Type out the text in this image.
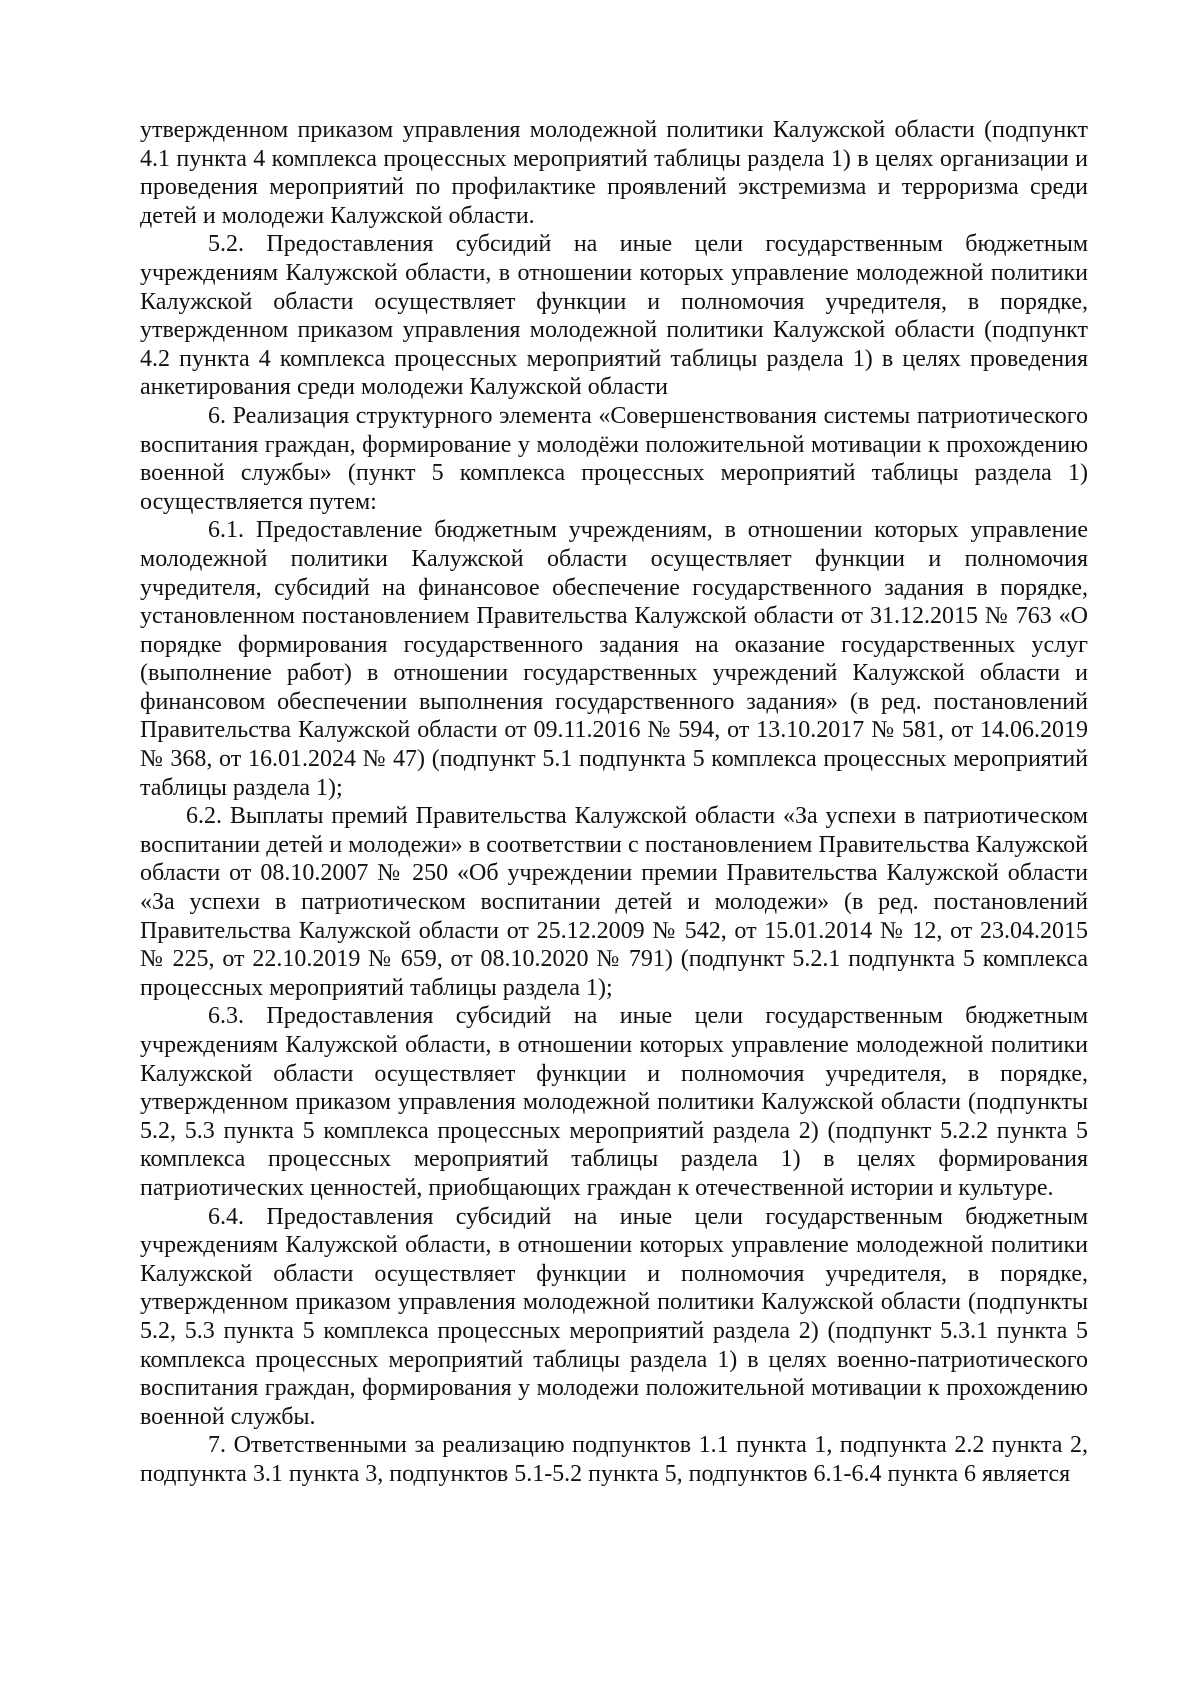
утвержденном приказом управления молодежной политики Калужской области (подпункт 4.1 пункта 4 комплекса процессных мероприятий таблицы раздела 1) в целях организации и проведения мероприятий по профилактике проявлений экстремизма и терроризма среди детей и молодежи Калужской области.

5.2. Предоставления субсидий на иные цели государственным бюджетным учреждениям Калужской области, в отношении которых управление молодежной политики Калужской области осуществляет функции и полномочия учредителя, в порядке, утвержденном приказом управления молодежной политики Калужской области (подпункт 4.2 пункта 4 комплекса процессных мероприятий таблицы раздела 1) в целях проведения анкетирования среди молодежи Калужской области

6. Реализация структурного элемента «Совершенствования системы патриотического воспитания граждан, формирование у молодёжи положительной мотивации к прохождению военной службы» (пункт 5 комплекса процессных мероприятий таблицы раздела 1) осуществляется путем:

6.1. Предоставление бюджетным учреждениям, в отношении которых управление молодежной политики Калужской области осуществляет функции и полномочия учредителя, субсидий на финансовое обеспечение государственного задания в порядке, установленном постановлением Правительства Калужской области от 31.12.2015 № 763 «О порядке формирования государственного задания на оказание государственных услуг (выполнение работ) в отношении государственных учреждений Калужской области и финансовом обеспечении выполнения государственного задания» (в ред. постановлений Правительства Калужской области от 09.11.2016 № 594, от 13.10.2017 № 581, от 14.06.2019 № 368, от 16.01.2024 № 47) (подпункт 5.1 подпункта 5 комплекса процессных мероприятий таблицы раздела 1);

6.2. Выплаты премий Правительства Калужской области «За успехи в патриотическом воспитании детей и молодежи» в соответствии с постановлением Правительства Калужской области от 08.10.2007 № 250 «Об учреждении премии Правительства Калужской области «За успехи в патриотическом воспитании детей и молодежи» (в ред. постановлений Правительства Калужской области от 25.12.2009 № 542, от 15.01.2014 № 12, от 23.04.2015 № 225, от 22.10.2019 № 659, от 08.10.2020 № 791) (подпункт 5.2.1 подпункта 5 комплекса процессных мероприятий таблицы раздела 1);

6.3. Предоставления субсидий на иные цели государственным бюджетным учреждениям Калужской области, в отношении которых управление молодежной политики Калужской области осуществляет функции и полномочия учредителя, в порядке, утвержденном приказом управления молодежной политики Калужской области (подпункты 5.2, 5.3 пункта 5 комплекса процессных мероприятий раздела 2) (подпункт 5.2.2 пункта 5 комплекса процессных мероприятий таблицы раздела 1) в целях формирования патриотических ценностей, приобщающих граждан к отечественной истории и культуре.

6.4. Предоставления субсидий на иные цели государственным бюджетным учреждениям Калужской области, в отношении которых управление молодежной политики Калужской области осуществляет функции и полномочия учредителя, в порядке, утвержденном приказом управления молодежной политики Калужской области (подпункты 5.2, 5.3 пункта 5 комплекса процессных мероприятий раздела 2) (подпункт 5.3.1 пункта 5 комплекса процессных мероприятий таблицы раздела 1) в целях военно-патриотического воспитания граждан, формирования у молодежи положительной мотивации к прохождению военной службы.

7. Ответственными за реализацию подпунктов 1.1 пункта 1, подпункта 2.2 пункта 2, подпункта 3.1 пункта 3, подпунктов 5.1-5.2 пункта 5, подпунктов 6.1-6.4 пункта 6 является
